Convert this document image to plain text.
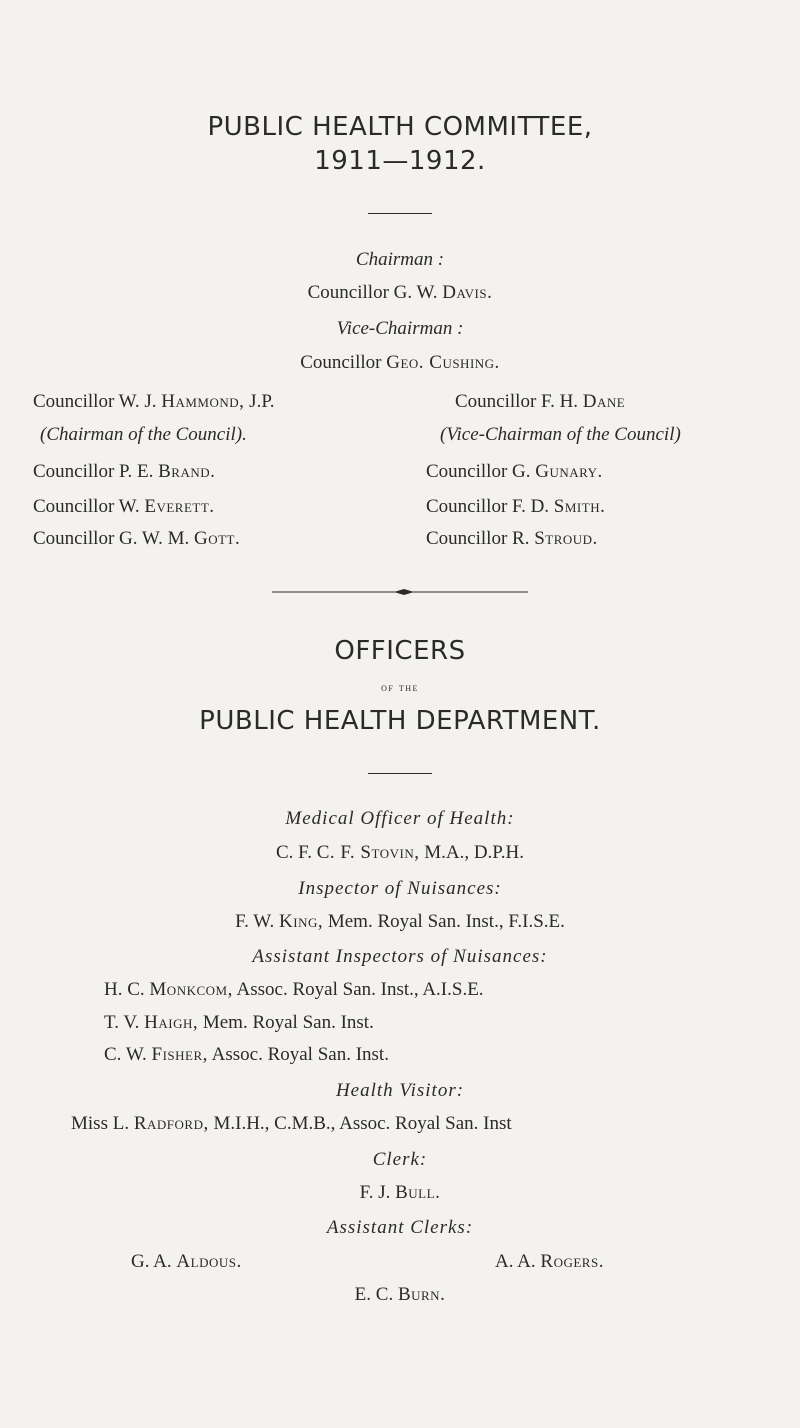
PUBLIC HEALTH COMMITTEE,
1911—1912.
Chairman :
Councillor G. W. Davis.
Vice-Chairman :
Councillor Geo. Cushing.
Councillor W. J. Hammond, J.P.
(Chairman of the Council).
Councillor P. E. Brand.
Councillor W. Everett.
Councillor G. W. M. Gott.
Councillor F. H. Dane
(Vice-Chairman of the Council)
Councillor G. Gunary.
Councillor F. D. Smith.
Councillor R. Stroud.
OFFICERS
of the
PUBLIC HEALTH DEPARTMENT.
Medical Officer of Health:
C. F. C. F. Stovin, M.A., D.P.H.
Inspector of Nuisances:
F. W. King, Mem. Royal San. Inst., F.I.S.E.
Assistant Inspectors of Nuisances:
H. C. Monkcom, Assoc. Royal San. Inst., A.I.S.E.
T. V. Haigh, Mem. Royal San. Inst.
C. W. Fisher, Assoc. Royal San. Inst.
Health Visitor:
Miss L. Radford, M.I.H., C.M.B., Assoc. Royal San. Inst
Clerk:
F. J. Bull.
Assistant Clerks:
G. A. Aldous.	A. A. Rogers.
E. C. Burn.
